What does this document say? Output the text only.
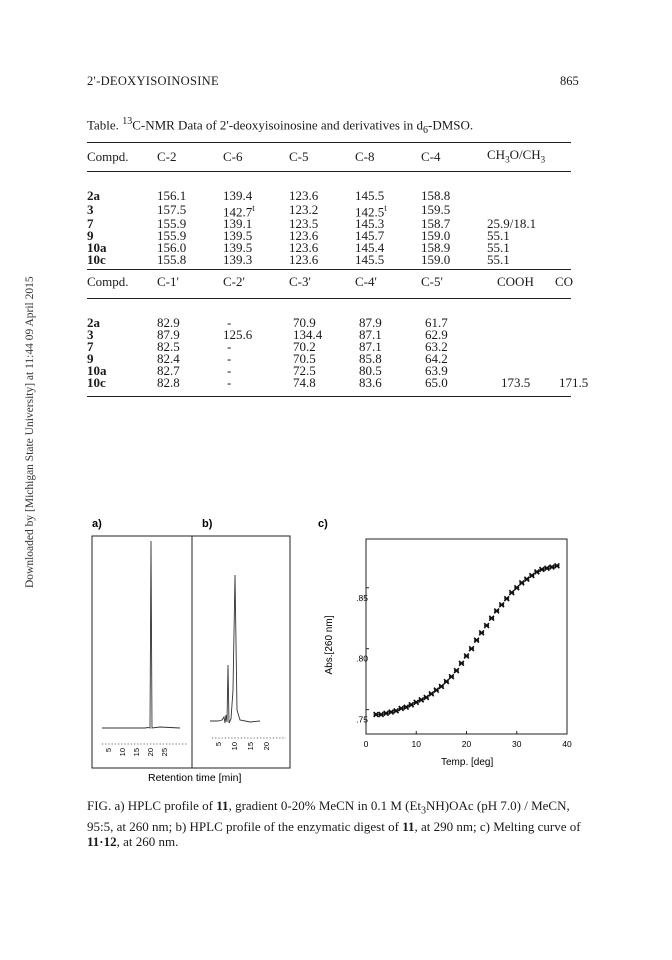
Downloaded by [Michigan State University] at 11:44 09 April 2015
2'-DEOXYISOINOSINE	865
Table. $^{13}$C-NMR Data of 2'-deoxyisoinosine and derivatives in $d_6$-DMSO.
Compd.	C-2	C-6	C-5	C-8	C-4	$CH_3O/CH_3$
2a	156.1	139.4	123.6	145.5	158.8	
3	157.5	142.7$^t$	123.2	142.5$^t$	159.5	
7	155.9	139.1	123.5	145.3	158.7	25.9/18.1
9	155.9	139.5	123.6	145.7	159.0	55.1
10a	156.0	139.5	123.6	145.4	158.9	55.1
10c	155.8	139.3	123.6	145.5	159.0	55.1
Compd.	C-1'	C-2'	C-3'	C-4'	C-5'	COOH	CO
2a	82.9	-	70.9	87.9	61.7		
3	87.9	125.6	134.4	87.1	62.9		
7	82.5	-	70.2	87.1	63.2		
9	82.4	-	70.5	85.8	64.2		
10a	82.7	-	72.5	80.5	63.9		
10c	82.8	-	74.8	83.6	65.0	173.5	171.5
a)	b)
5 10 15 20 25
5 10 15 20
Retention time [min]
c)
0	10	20	30	40
.75
.80
.85
Temp. [deg]
Abs.[260 nm]
FIG. a) HPLC profile of 11, gradient 0-20% MeCN in 0.1 M $(Et_3NH)OAc$ (pH 7.0) / MeCN, 95:5, at 260 nm; b) HPLC profile of the enzymatic digest of 11, at 290 nm; c) Melting curve of 11·12, at 260 nm.
